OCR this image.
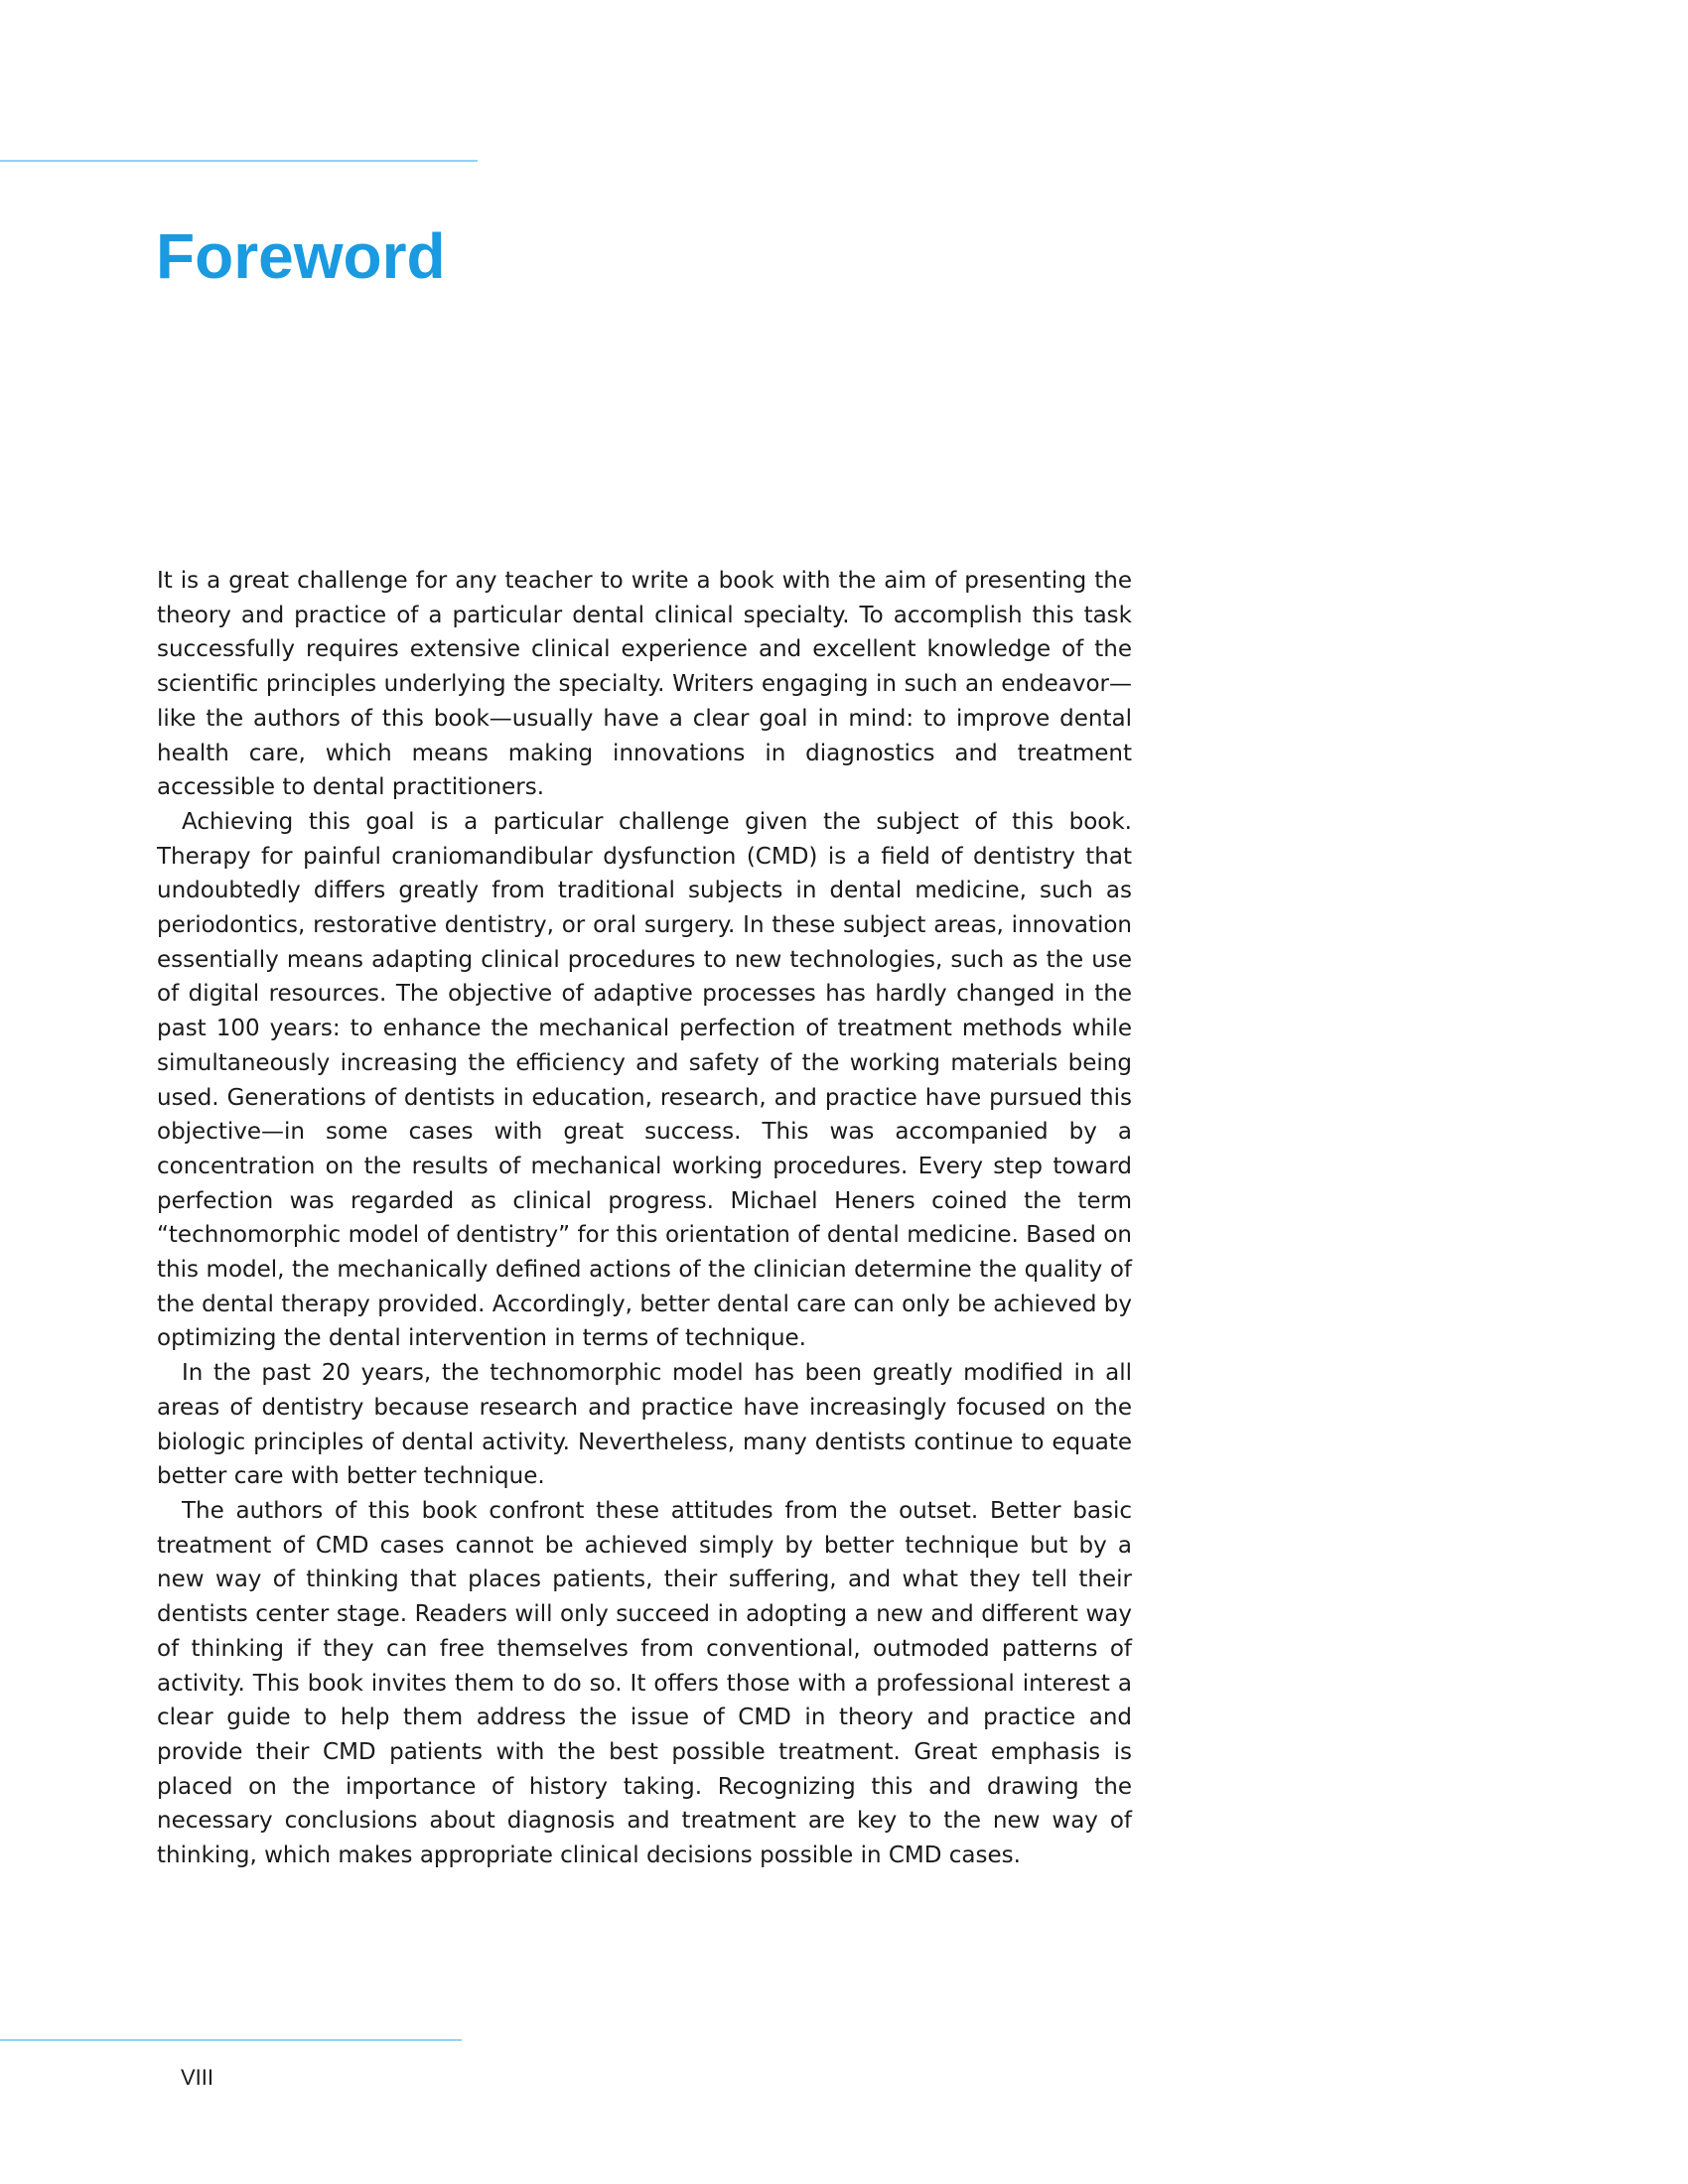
Foreword

It is a great challenge for any teacher to write a book with the aim of presenting the theory and practice of a particular dental clinical specialty. To accomplish this task successfully requires extensive clinical experience and excellent knowledge of the scientific principles underlying the specialty. Writers engaging in such an endeavor—like the authors of this book—usually have a clear goal in mind: to improve dental health care, which means making innovations in diagnostics and treatment accessible to dental practitioners.

Achieving this goal is a particular challenge given the subject of this book. Therapy for painful craniomandibular dysfunction (CMD) is a field of dentistry that undoubtedly differs greatly from traditional subjects in dental medicine, such as periodontics, restorative dentistry, or oral surgery. In these subject areas, innovation essentially means adapting clinical procedures to new technologies, such as the use of digital resources. The objective of adaptive processes has hardly changed in the past 100 years: to enhance the mechanical perfection of treatment methods while simultaneously increasing the efficiency and safety of the working materials being used. Generations of dentists in education, research, and practice have pursued this objective—in some cases with great success. This was accompanied by a concentration on the results of mechanical working procedures. Every step toward perfection was regarded as clinical progress. Michael Heners coined the term “technomorphic model of dentistry” for this orientation of dental medicine. Based on this model, the mechanically defined actions of the clinician determine the quality of the dental therapy provided. Accordingly, better dental care can only be achieved by optimizing the dental intervention in terms of technique.

In the past 20 years, the technomorphic model has been greatly modified in all areas of dentistry because research and practice have increasingly focused on the biologic principles of dental activity. Nevertheless, many dentists continue to equate better care with better technique.

The authors of this book confront these attitudes from the outset. Better basic treatment of CMD cases cannot be achieved simply by better technique but by a new way of thinking that places patients, their suffering, and what they tell their dentists center stage. Readers will only succeed in adopting a new and different way of thinking if they can free themselves from conventional, outmoded patterns of activity. This book invites them to do so. It offers those with a professional interest a clear guide to help them address the issue of CMD in theory and practice and provide their CMD patients with the best possible treatment. Great emphasis is placed on the importance of history taking. Recognizing this and drawing the necessary conclusions about diagnosis and treatment are key to the new way of thinking, which makes appropriate clinical decisions possible in CMD cases.

VIII
